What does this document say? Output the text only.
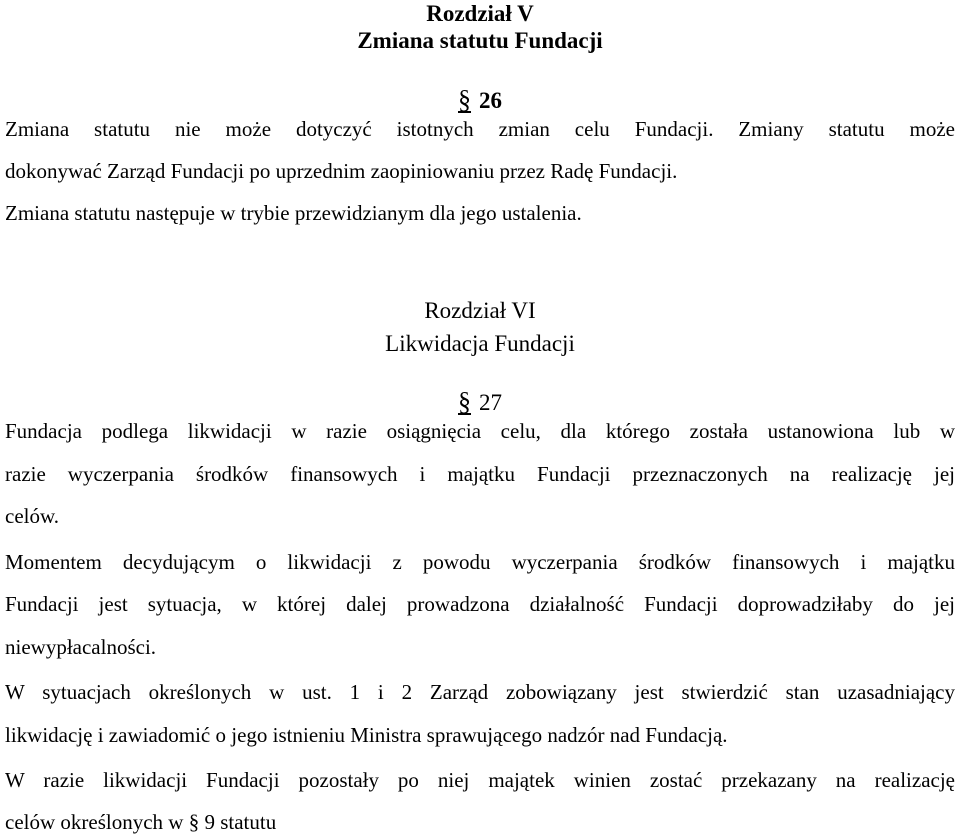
Rozdział V
Zmiana statutu Fundacji
§ 26

Zmiana statutu nie może dotyczyć istotnych zmian celu Fundacji. Zmiany statutu może

dokonywać Zarząd Fundacji po uprzednim zaopiniowaniu przez Radę Fundacji.

Zmiana statutu następuje w trybie przewidzianym dla jego ustalenia.

Rozdział VI
Likwidacja Fundacji
§ 27

Fundacja podlega likwidacji w razie osiągnięcia celu, dla którego została ustanowiona lub w

razie wyczerpania środków finansowych i majątku Fundacji przeznaczonych na realizację jej

celów.

Momentem decydującym o likwidacji z powodu wyczerpania środków finansowych i majątku

Fundacji jest sytuacja, w której dalej prowadzona działalność Fundacji doprowadziłaby do jej

niewypłacalności.

W sytuacjach określonych w ust. 1 i 2 Zarząd zobowiązany jest stwierdzić stan uzasadniający

likwidację i zawiadomić o jego istnieniu Ministra sprawującego nadzór nad Fundacją.

W razie likwidacji Fundacji pozostały po niej majątek winien zostać przekazany na realizację

celów określonych w § 9 statutu
